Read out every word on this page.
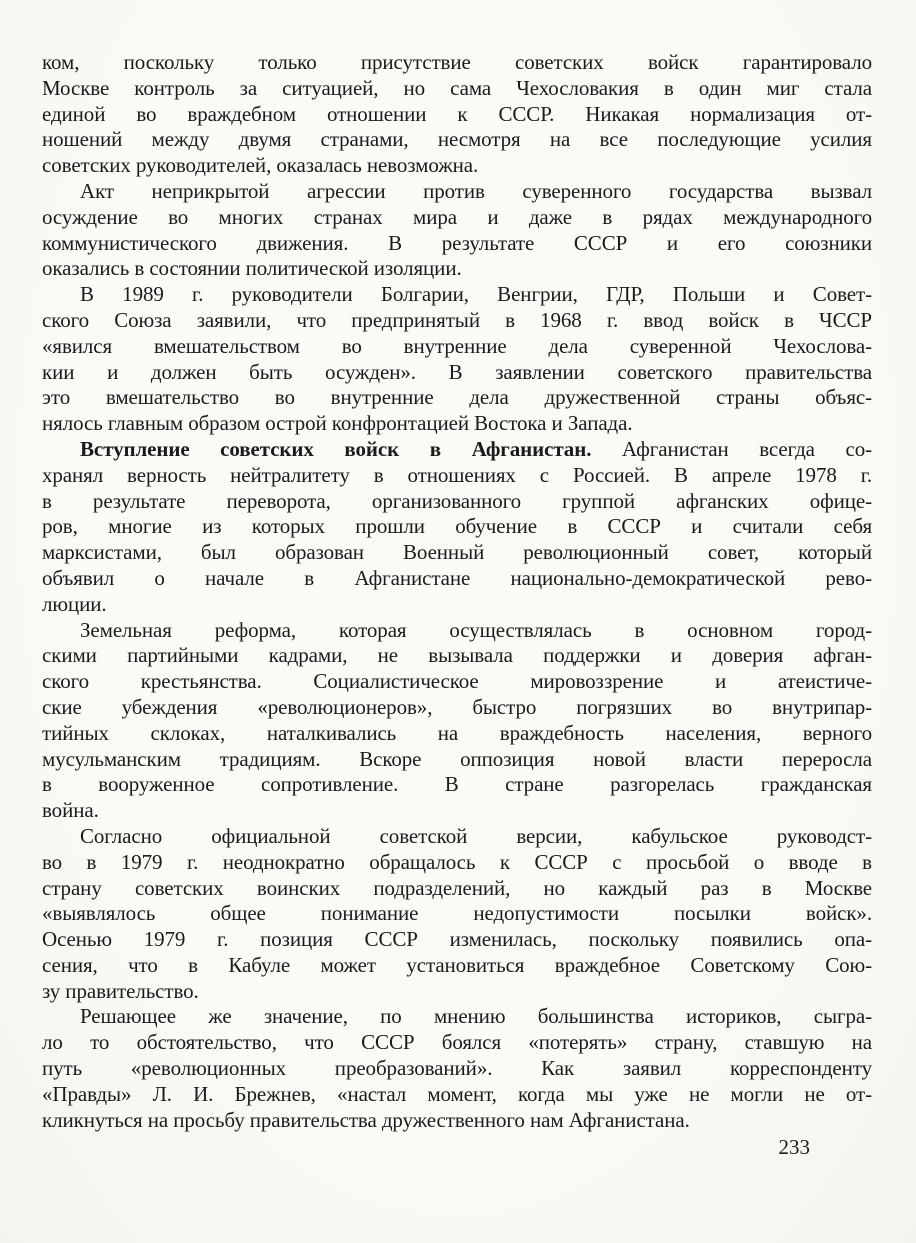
ком, поскольку только присутствие советских войск гарантировало
Москве контроль за ситуацией, но сама Чехословакия в один миг стала
единой во враждебном отношении к СССР. Никакая нормализация от-
ношений между двумя странами, несмотря на все последующие усилия
советских руководителей, оказалась невозможна.
Акт неприкрытой агрессии против суверенного государства вызвал
осуждение во многих странах мира и даже в рядах международного
коммунистического движения. В результате СССР и его союзники
оказались в состоянии политической изоляции.
В 1989 г. руководители Болгарии, Венгрии, ГДР, Польши и Совет-
ского Союза заявили, что предпринятый в 1968 г. ввод войск в ЧССР
«явился вмешательством во внутренние дела суверенной Чехослова-
кии и должен быть осужден». В заявлении советского правительства
это вмешательство во внутренние дела дружественной страны объяс-
нялось главным образом острой конфронтацией Востока и Запада.
Вступление советских войск в Афганистан. Афганистан всегда со-
хранял верность нейтралитету в отношениях с Россией. В апреле 1978 г.
в результате переворота, организованного группой афганских офице-
ров, многие из которых прошли обучение в СССР и считали себя
марксистами, был образован Военный революционный совет, который
объявил о начале в Афганистане национально-демократической рево-
люции.
Земельная реформа, которая осуществлялась в основном город-
скими партийными кадрами, не вызывала поддержки и доверия афган-
ского крестьянства. Социалистическое мировоззрение и атеистиче-
ские убеждения «революционеров», быстро погрязших во внутрипар-
тийных склоках, наталкивались на враждебность населения, верного
мусульманским традициям. Вскоре оппозиция новой власти переросла
в вооруженное сопротивление. В стране разгорелась гражданская
война.
Согласно официальной советской версии, кабульское руководст-
во в 1979 г. неоднократно обращалось к СССР с просьбой о вводе в
страну советских воинских подразделений, но каждый раз в Москве
«выявлялось общее понимание недопустимости посылки войск».
Осенью 1979 г. позиция СССР изменилась, поскольку появились опа-
сения, что в Кабуле может установиться враждебное Советскому Сою-
зу правительство.
Решающее же значение, по мнению большинства историков, сыгра-
ло то обстоятельство, что СССР боялся «потерять» страну, ставшую на
путь «революционных преобразований». Как заявил корреспонденту
«Правды» Л. И. Брежнев, «настал момент, когда мы уже не могли не от-
кликнуться на просьбу правительства дружественного нам Афганистана.
233
